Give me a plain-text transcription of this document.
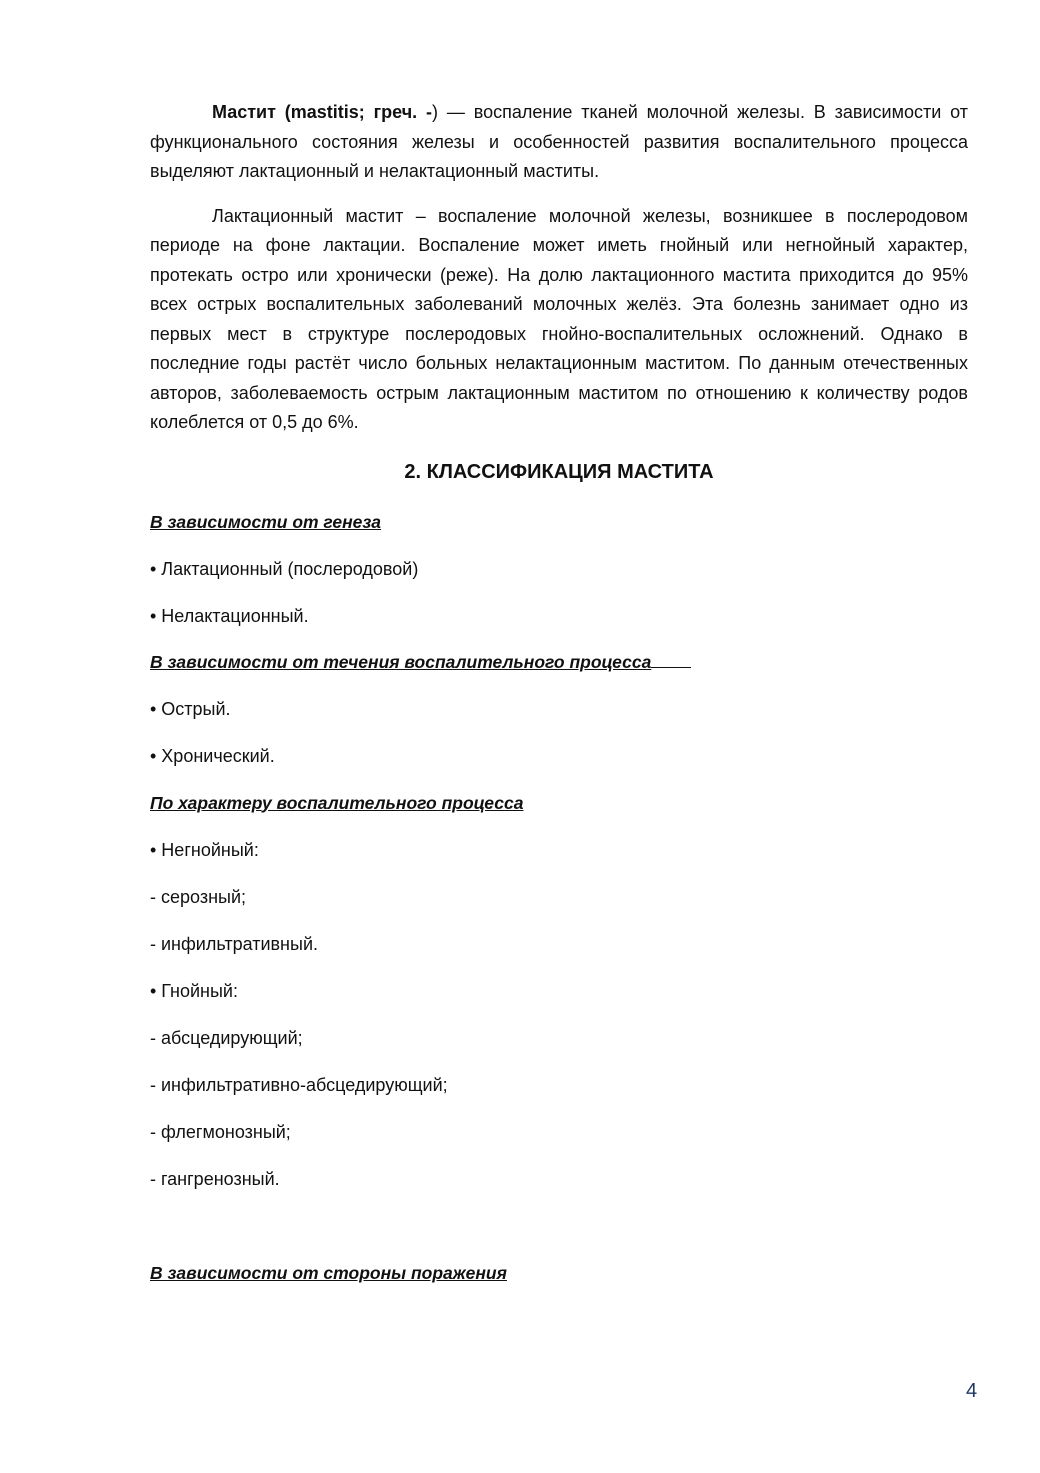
Мастит (mastitis; греч. -) — воспаление тканей молочной железы. В зависимости от функционального состояния железы и особенностей развития воспалительного процесса выделяют лактационный и нелактационный маститы.

Лактационный мастит – воспаление молочной железы, возникшее в послеродовом периоде на фоне лактации. Воспаление может иметь гнойный или негнойный характер, протекать остро или хронически (реже). На долю лактационного мастита приходится до 95% всех острых воспалительных заболеваний молочных желёз. Эта болезнь занимает одно из первых мест в структуре послеродовых гнойно-воспалительных осложнений. Однако в последние годы растёт число больных нелактационным маститом. По данным отечественных авторов, заболеваемость острым лактационным маститом по отношению к количеству родов колеблется от 0,5 до 6%.

2. КЛАССИФИКАЦИЯ МАСТИТА

В зависимости от генеза

• Лактационный (послеродовой)

• Нелактационный.

В зависимости от течения воспалительного процесса

• Острый.

• Хронический.

По характеру воспалительного процесса

• Негнойный:

- серозный;

- инфильтративный.

• Гнойный:

- абсцедирующий;

- инфильтративно-абсцедирующий;

- флегмонозный;

- гангренозный.

В зависимости от стороны поражения

4
